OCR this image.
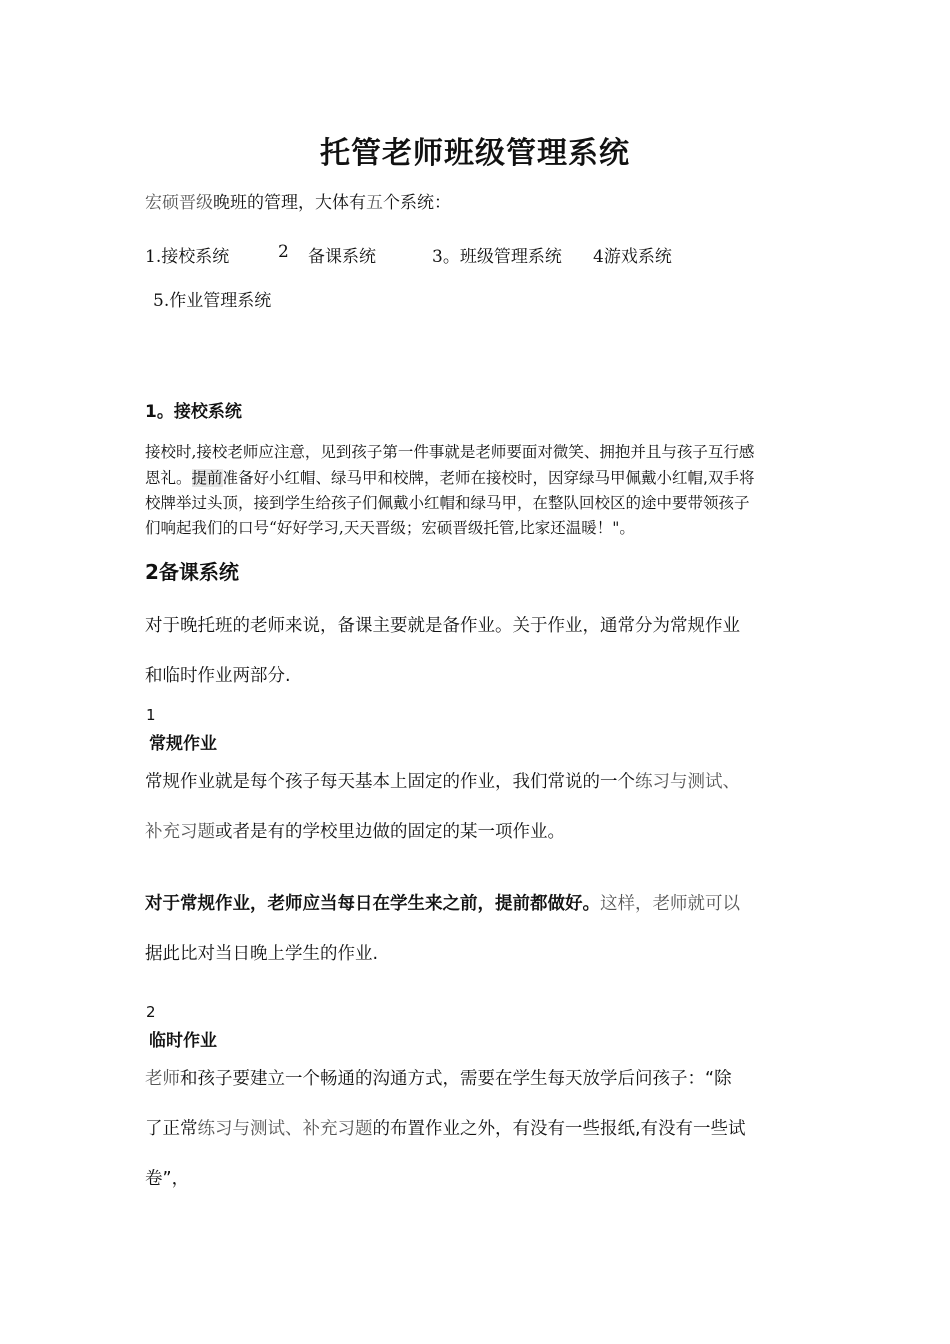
托管老师班级管理系统

宏硕晋级晚班的管理，大体有五个系统：

1.接校系统	2 备课系统	3。班级管理系统 4游戏系统
5.作业管理系统
1。接校系统

接校时,接校老师应注意，见到孩子第一件事就是老师要面对微笑、拥抱并且与孩子互行感

恩礼。提前准备好小红帽、绿马甲和校牌，老师在接校时，因穿绿马甲佩戴小红帽,双手将

校牌举过头顶，接到学生给孩子们佩戴小红帽和绿马甲，在整队回校区的途中要带领孩子

们响起我们的口号“好好学习,天天晋级；宏硕晋级托管,比家还温暖！"。

2备课系统

对于晚托班的老师来说，备课主要就是备作业。关于作业，通常分为常规作业

和临时作业两部分.

1
常规作业

常规作业就是每个孩子每天基本上固定的作业，我们常说的一个练习与测试、

补充习题或者是有的学校里边做的固定的某一项作业。

对于常规作业，老师应当每日在学生来之前，提前都做好。这样，老师就可以

据此比对当日晚上学生的作业.

2
临时作业

老师和孩子要建立一个畅通的沟通方式，需要在学生每天放学后问孩子：“除

了正常练习与测试、补充习题的布置作业之外，有没有一些报纸,有没有一些试

卷”，
